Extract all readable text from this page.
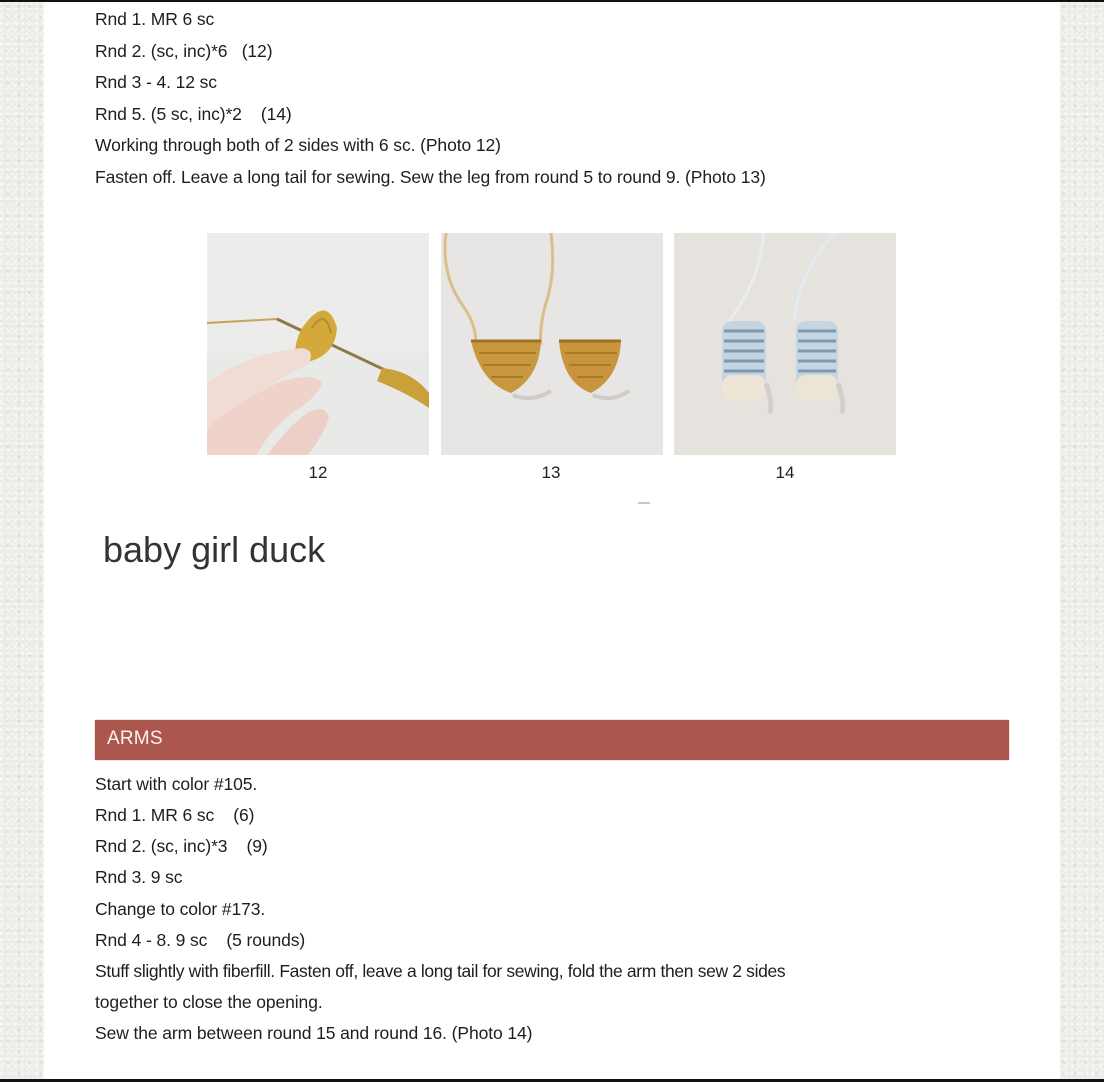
Rnd 1. MR 6 sc
Rnd 2. (sc, inc)*6   (12)
Rnd 3 - 4. 12 sc
Rnd 5. (5 sc, inc)*2    (14)
Working through both of 2 sides with 6 sc. (Photo 12)
Fasten off. Leave a long tail for sewing. Sew the leg from round 5 to round 9. (Photo 13)
12	13	14
baby girl duck
ARMS
Start with color #105.
Rnd 1. MR 6 sc    (6)
Rnd 2. (sc, inc)*3    (9)
Rnd 3. 9 sc
Change to color #173.
Rnd 4 - 8. 9 sc    (5 rounds)
Stuff slightly with fiberfill. Fasten off, leave a long tail for sewing, fold the arm then sew 2 sides
together to close the opening.
Sew the arm between round 15 and round 16. (Photo 14)
